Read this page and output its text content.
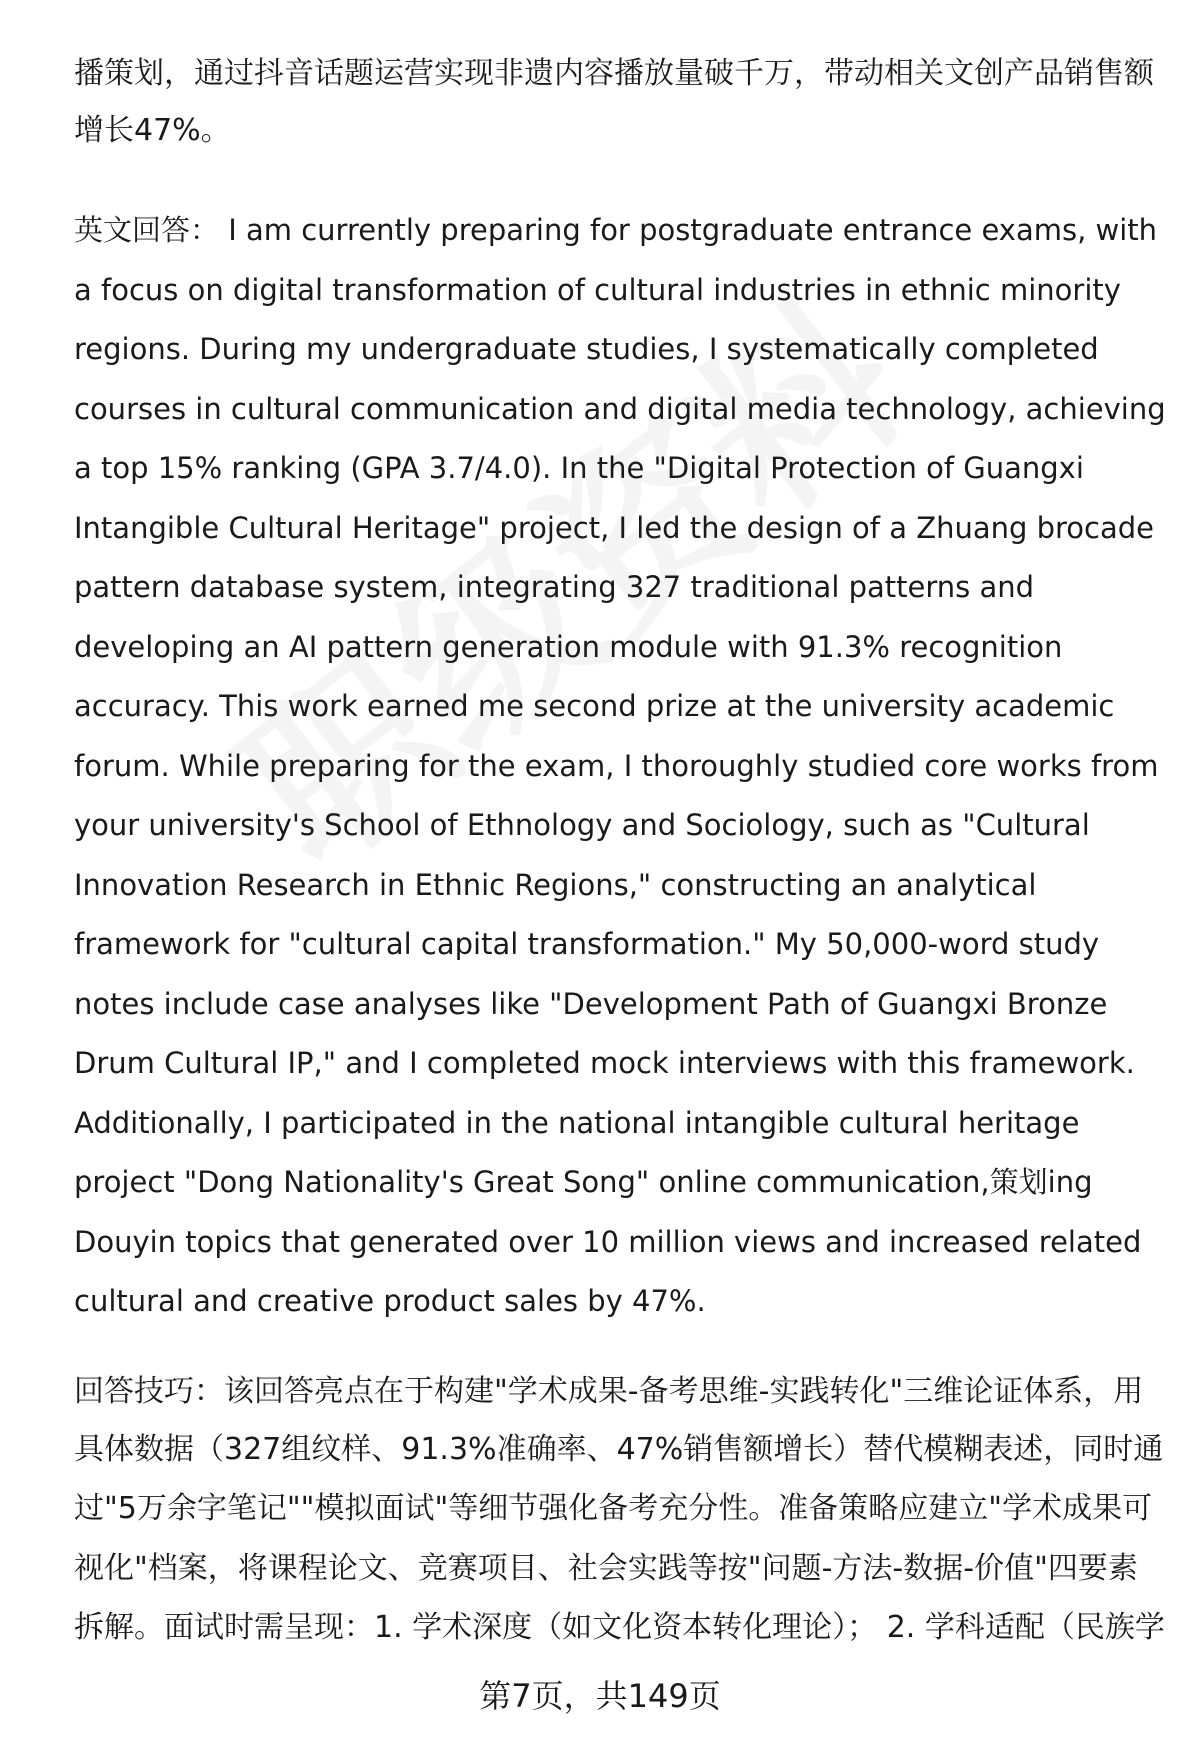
播策划，通过抖音话题运营实现非遗内容播放量破千万，带动相关文创产品销售额
增长47%。
英文回答： I am currently preparing for postgraduate entrance exams, with
a focus on digital transformation of cultural industries in ethnic minority
regions. During my undergraduate studies, I systematically completed
courses in cultural communication and digital media technology, achieving
a top 15% ranking (GPA 3.7/4.0). In the "Digital Protection of Guangxi
Intangible Cultural Heritage" project, I led the design of a Zhuang brocade
pattern database system, integrating 327 traditional patterns and
developing an AI pattern generation module with 91.3% recognition
accuracy. This work earned me second prize at the university academic
forum. While preparing for the exam, I thoroughly studied core works from
your university's School of Ethnology and Sociology, such as "Cultural
Innovation Research in Ethnic Regions," constructing an analytical
framework for "cultural capital transformation." My 50,000-word study
notes include case analyses like "Development Path of Guangxi Bronze
Drum Cultural IP," and I completed mock interviews with this framework.
Additionally, I participated in the national intangible cultural heritage
project "Dong Nationality's Great Song" online communication,策划ing
Douyin topics that generated over 10 million views and increased related
cultural and creative product sales by 47%.
回答技巧：该回答亮点在于构建"学术成果-备考思维-实践转化"三维论证体系，用
具体数据（327组纹样、91.3%准确率、47%销售额增长）替代模糊表述，同时通
过"5万余字笔记""模拟面试"等细节强化备考充分性。准备策略应建立"学术成果可
视化"档案，将课程论文、竞赛项目、社会实践等按"问题-方法-数据-价值"四要素
拆解。面试时需呈现：1. 学术深度（如文化资本转化理论）； 2. 学科适配（民族学
第7页，共149页
